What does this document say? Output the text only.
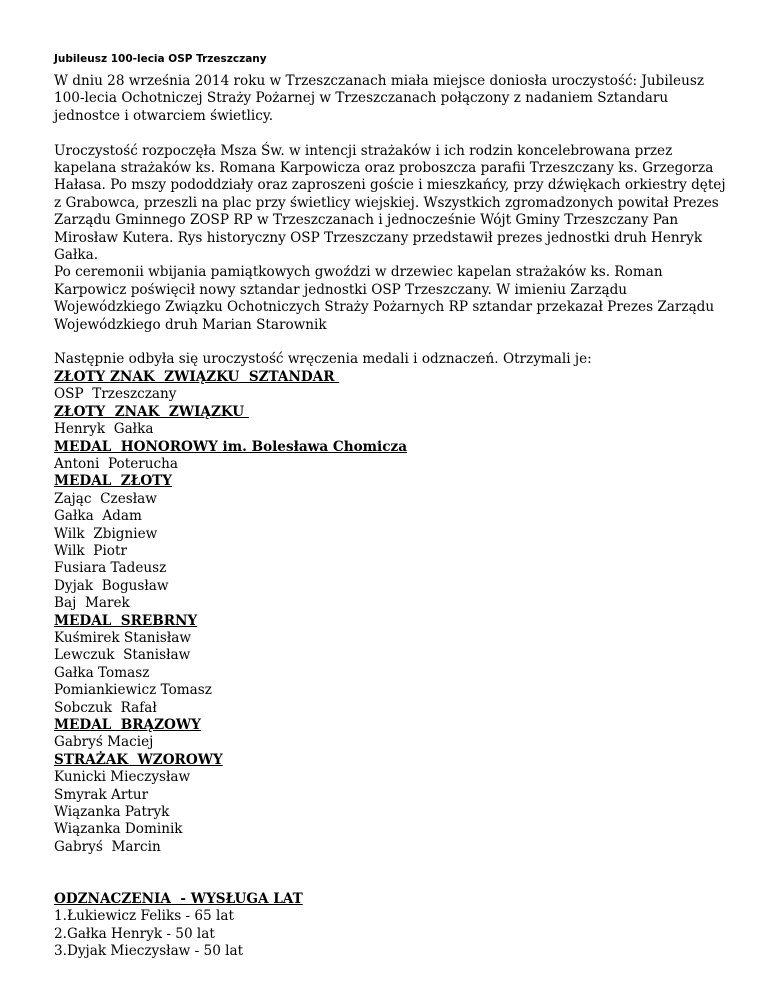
Jubileusz 100-lecia OSP Trzeszczany

W dniu 28 września 2014 roku w Trzeszczanach miała miejsce doniosła uroczystość: Jubileusz 100-lecia Ochotniczej Straży Pożarnej w Trzeszczanach połączony z nadaniem Sztandaru jednostce i otwarciem świetlicy.

Uroczystość rozpoczęła Msza Św. w intencji strażaków i ich rodzin koncelebrowana przez kapelana strażaków ks. Romana Karpowicza oraz proboszcza parafii Trzeszczany ks. Grzegorza Hałasa. Po mszy pododdziały oraz zaproszeni goście i mieszkańcy, przy dźwiękach orkiestry dętej z Grabowca, przeszli na plac przy świetlicy wiejskiej. Wszystkich zgromadzonych powitał Prezes Zarządu Gminnego ZOSP RP w Trzeszczanach i jednocześnie Wójt Gminy Trzeszczany Pan Mirosław Kutera. Rys historyczny OSP Trzeszczany przedstawił prezes jednostki druh Henryk Gałka.

Po ceremonii wbijania pamiątkowych gwoździ w drzewiec kapelan strażaków ks. Roman Karpowicz poświęcił nowy sztandar jednostki OSP Trzeszczany. W imieniu Zarządu Wojewódzkiego Związku Ochotniczych Straży Pożarnych RP sztandar przekazał Prezes Zarządu Wojewódzkiego druh Marian Starownik

Następnie odbyła się uroczystość wręczenia medali i odznaczeń. Otrzymali je:

ZŁOTY ZNAK  ZWIĄZKU  SZTANDAR
OSP  Trzeszczany
ZŁOTY  ZNAK  ZWIĄZKU
Henryk  Gałka
MEDAL  HONOROWY im. Bolesława Chomicza
Antoni  Poterucha
MEDAL  ZŁOTY
Zając  Czesław
Gałka  Adam
Wilk  Zbigniew
Wilk  Piotr
Fusiara Tadeusz
Dyjak  Bogusław
Baj  Marek
MEDAL  SREBRNY
Kuśmirek Stanisław
Lewczuk  Stanisław
Gałka Tomasz
Pomiankiewicz Tomasz
Sobczuk  Rafał
MEDAL  BRĄZOWY
Gabryś Maciej
STRAŻAK  WZOROWY
Kunicki Mieczysław
Smyrak Artur
Wiązanka Patryk
Wiązanka Dominik
Gabryś  Marcin
ODZNACZENIA  - WYSŁUGA LAT
1.Łukiewicz Feliks - 65 lat
2.Gałka Henryk - 50 lat
3.Dyjak Mieczysław - 50 lat
